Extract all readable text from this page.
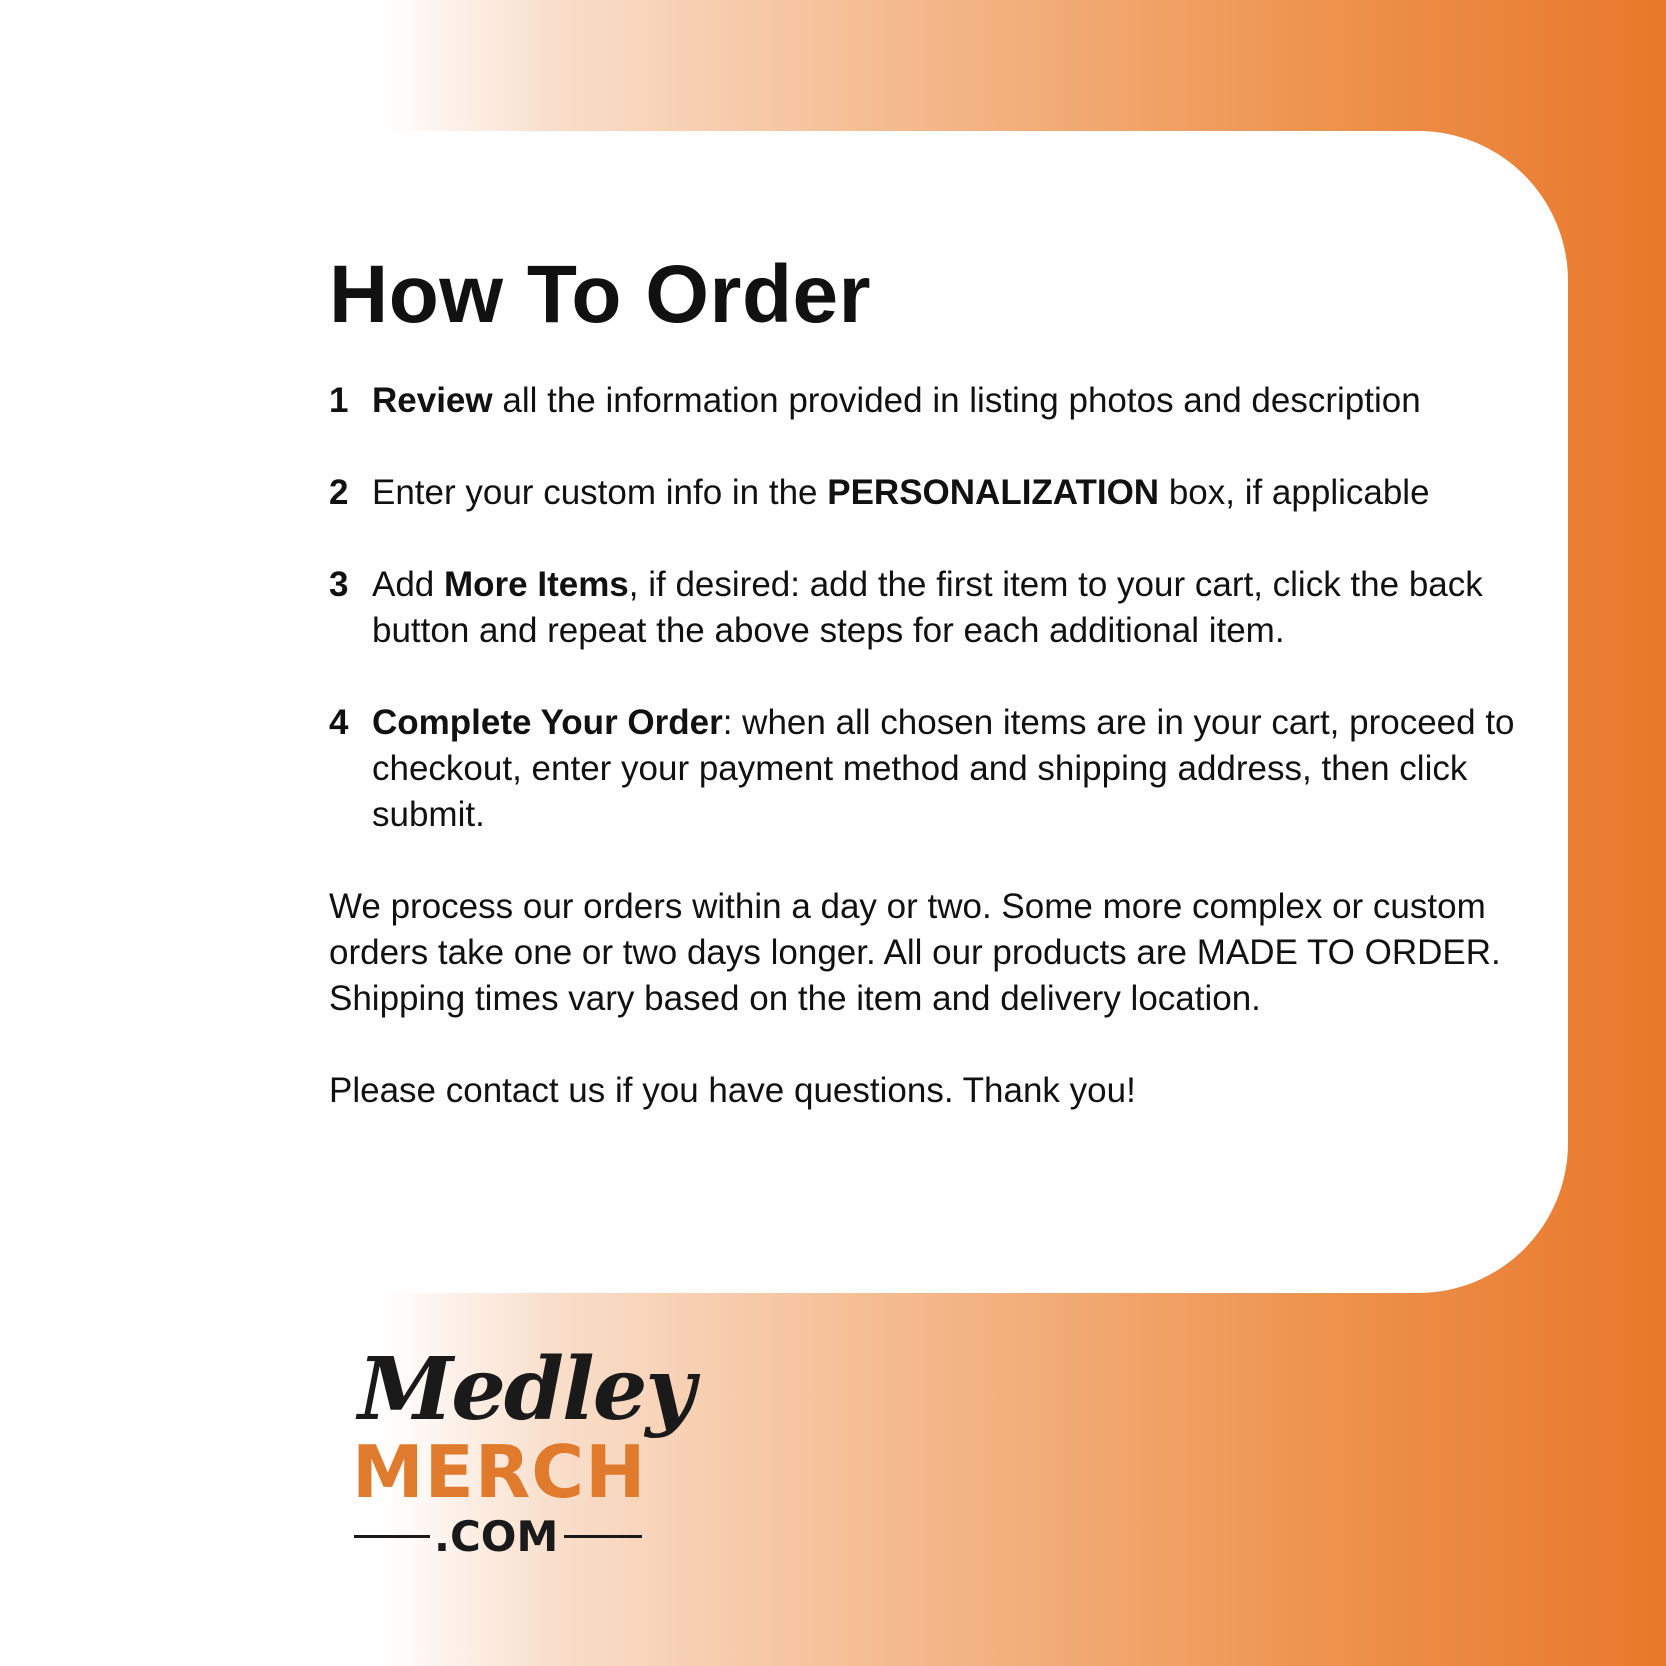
How To Order
1 Review all the information provided in listing photos and description
2 Enter your custom info in the PERSONALIZATION box, if applicable
3 Add More Items, if desired: add the first item to your cart, click the back button and repeat the above steps for each additional item.
4 Complete Your Order: when all chosen items are in your cart, proceed to checkout, enter your payment method and shipping address, then click submit.

We process our orders within a day or two. Some more complex or custom orders take one or two days longer. All our products are MADE TO ORDER. Shipping times vary based on the item and delivery location.

Please contact us if you have questions. Thank you!

Medley
MERCH
.COM
